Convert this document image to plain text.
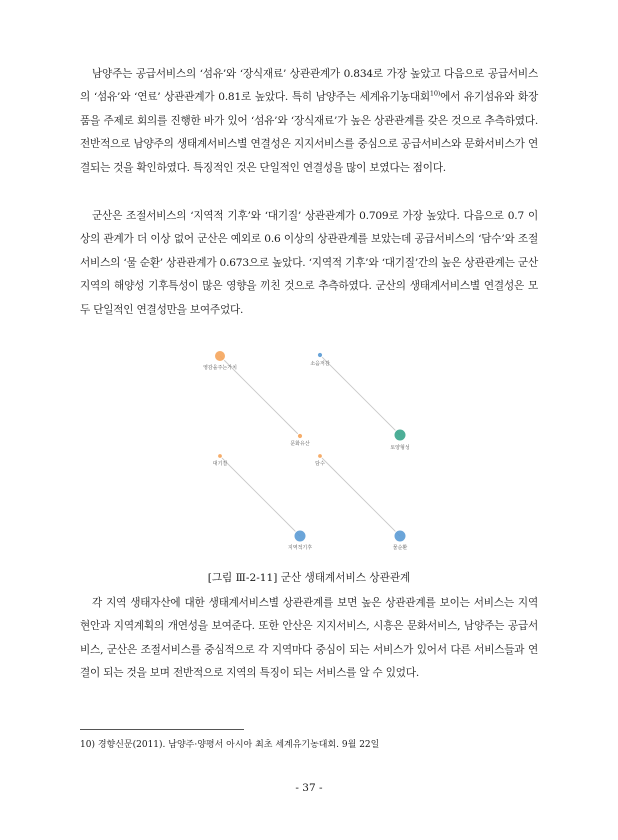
남양주는 공급서비스의 ‘섬유’와 ‘장식재료’ 상관관계가 0.834로 가장 높았고 다음으로 공급서비스의 ‘섬유’와 ‘연료’ 상관관계가 0.81로 높았다. 특히 남양주는 세계유기농대회$^{10)}$에서 유기섬유와 화장품을 주제로 회의를 진행한 바가 있어 ‘섬유’와 ‘장식재료’가 높은 상관관계를 갖은 것으로 추측하였다. 전반적으로 남양주의 생태계서비스별 연결성은 지지서비스를 중심으로 공급서비스와 문화서비스가 연결되는 것을 확인하였다. 특징적인 것은 단일적인 연결성을 많이 보였다는 점이다.

군산은 조절서비스의 ‘지역적 기후’와 ‘대기질’ 상관관계가 0.709로 가장 높았다. 다음으로 0.7 이상의 관계가 더 이상 없어 군산은 예외로 0.6 이상의 상관관계를 보았는데 공급서비스의 ‘담수’와 조절서비스의 ‘물 순환’ 상관관계가 0.673으로 높았다. ‘지역적 기후’와 ‘대기질’간의 높은 상관관계는 군산지역의 해양성 기후특성이 많은 영향을 끼친 것으로 추측하였다. 군산의 생태계서비스별 연결성은 모두 단일적인 연결성만을 보여주었다.

영감을주는가치
소음저감
문화유산
토양형성
대기질	담수
지역적기후	물순환

[그림 Ⅲ-2-11] 군산 생태계서비스 상관관계

각 지역 생태자산에 대한 생태계서비스별 상관관계를 보면 높은 상관관계를 보이는 서비스는 지역 현안과 지역계획의 개연성을 보여준다. 또한 안산은 지지서비스, 시흥은 문화서비스, 남양주는 공급서비스, 군산은 조절서비스를 중심적으로 각 지역마다 중심이 되는 서비스가 있어서 다른 서비스들과 연결이 되는 것을 보며 전반적으로 지역의 특징이 되는 서비스를 알 수 있었다.

10) 경향신문(2011). 남양주·양평서 아시아 최초 세계유기농대회. 9월 22일

- 37 -
